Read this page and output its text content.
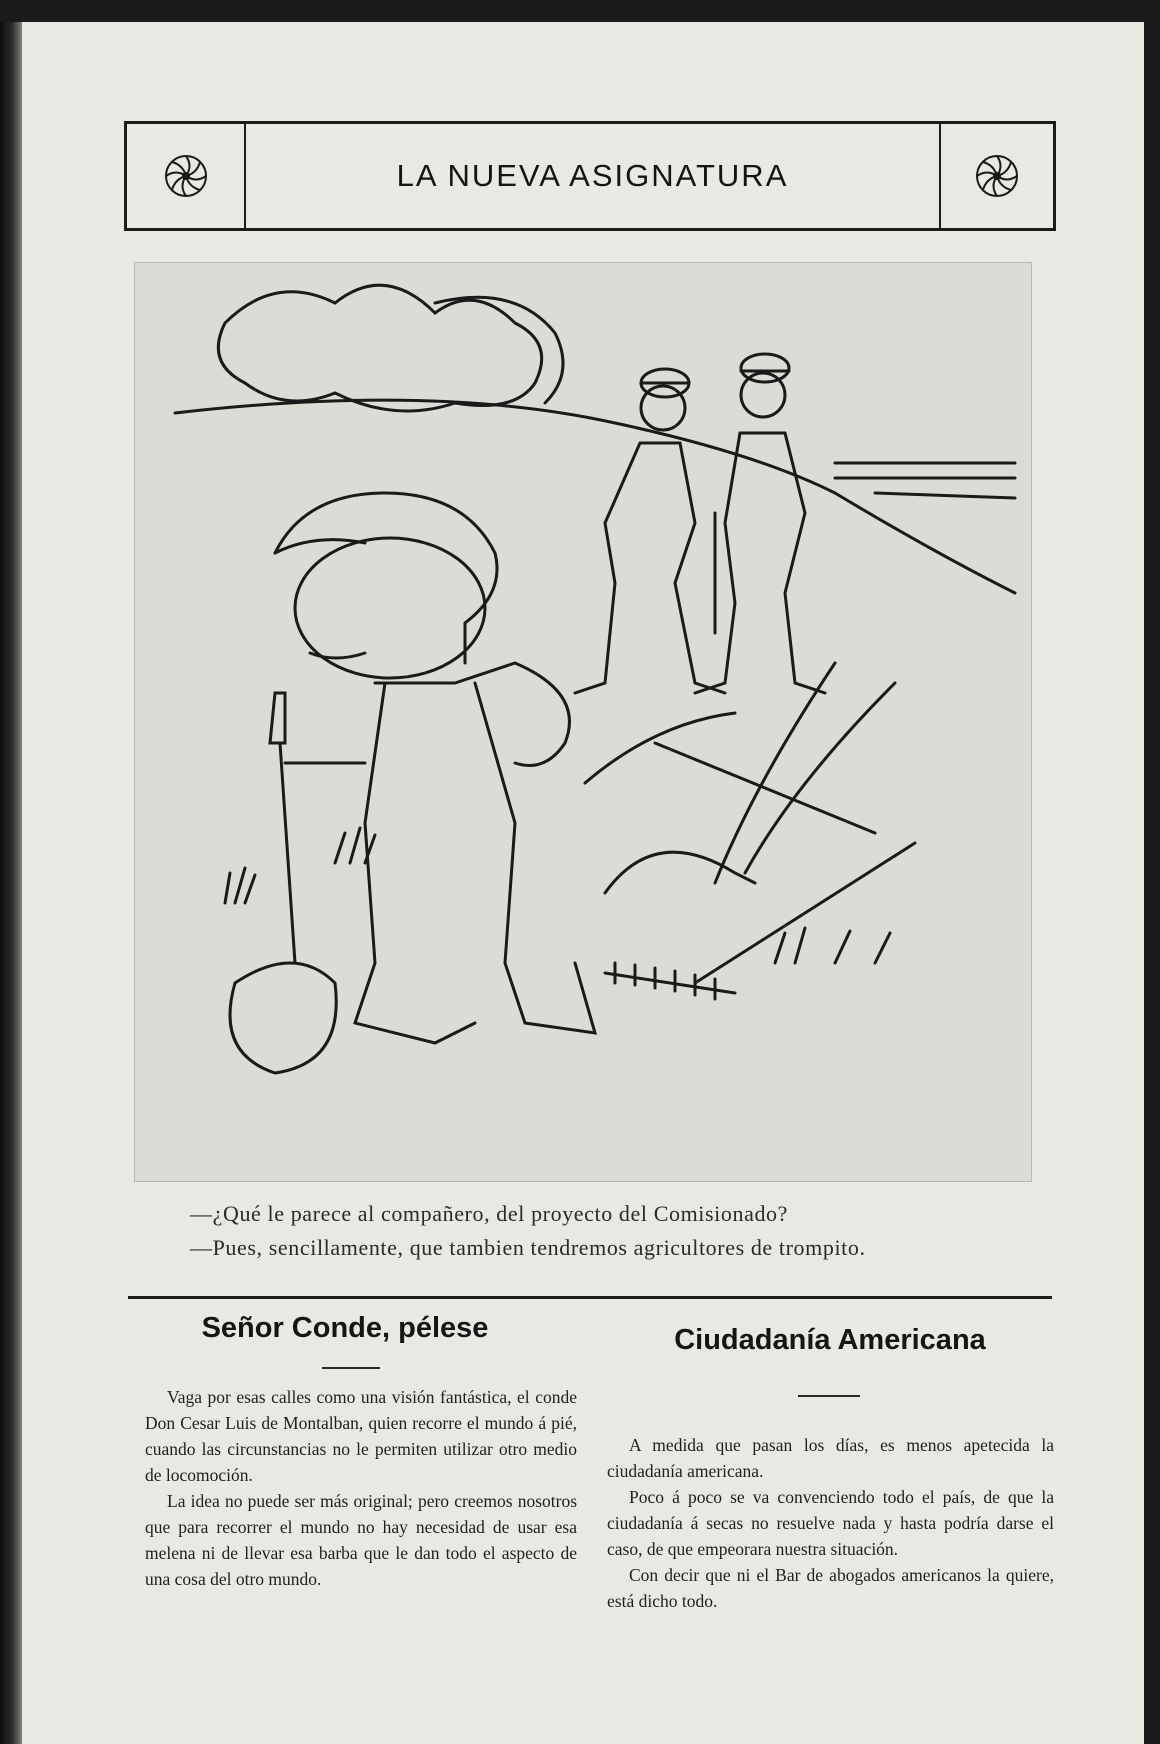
LA NUEVA ASIGNATURA
—¿Qué le parece al compañero, del proyecto del Comisionado?
—Pues, sencillamente, que tambien tendremos agricultores de trompito.
Señor Conde, pélese

Vaga por esas calles como una visión fantástica, el conde Don Cesar Luis de Montalban, quien recorre el mundo á pié, cuando las circunstancias no le permiten utilizar otro medio de locomoción.

La idea no puede ser más original; pero creemos nosotros que para recorrer el mundo no hay necesidad de usar esa melena ni de llevar esa barba que le dan todo el aspecto de una cosa del otro mundo.

Ciudadanía Americana

A medida que pasan los días, es menos apetecida la ciudadanía americana.

Poco á poco se va convenciendo todo el país, de que la ciudadanía á secas no resuelve nada y hasta podría darse el caso, de que empeorara nuestra situación.

Con decir que ni el Bar de abogados americanos la quiere, está dicho todo.
